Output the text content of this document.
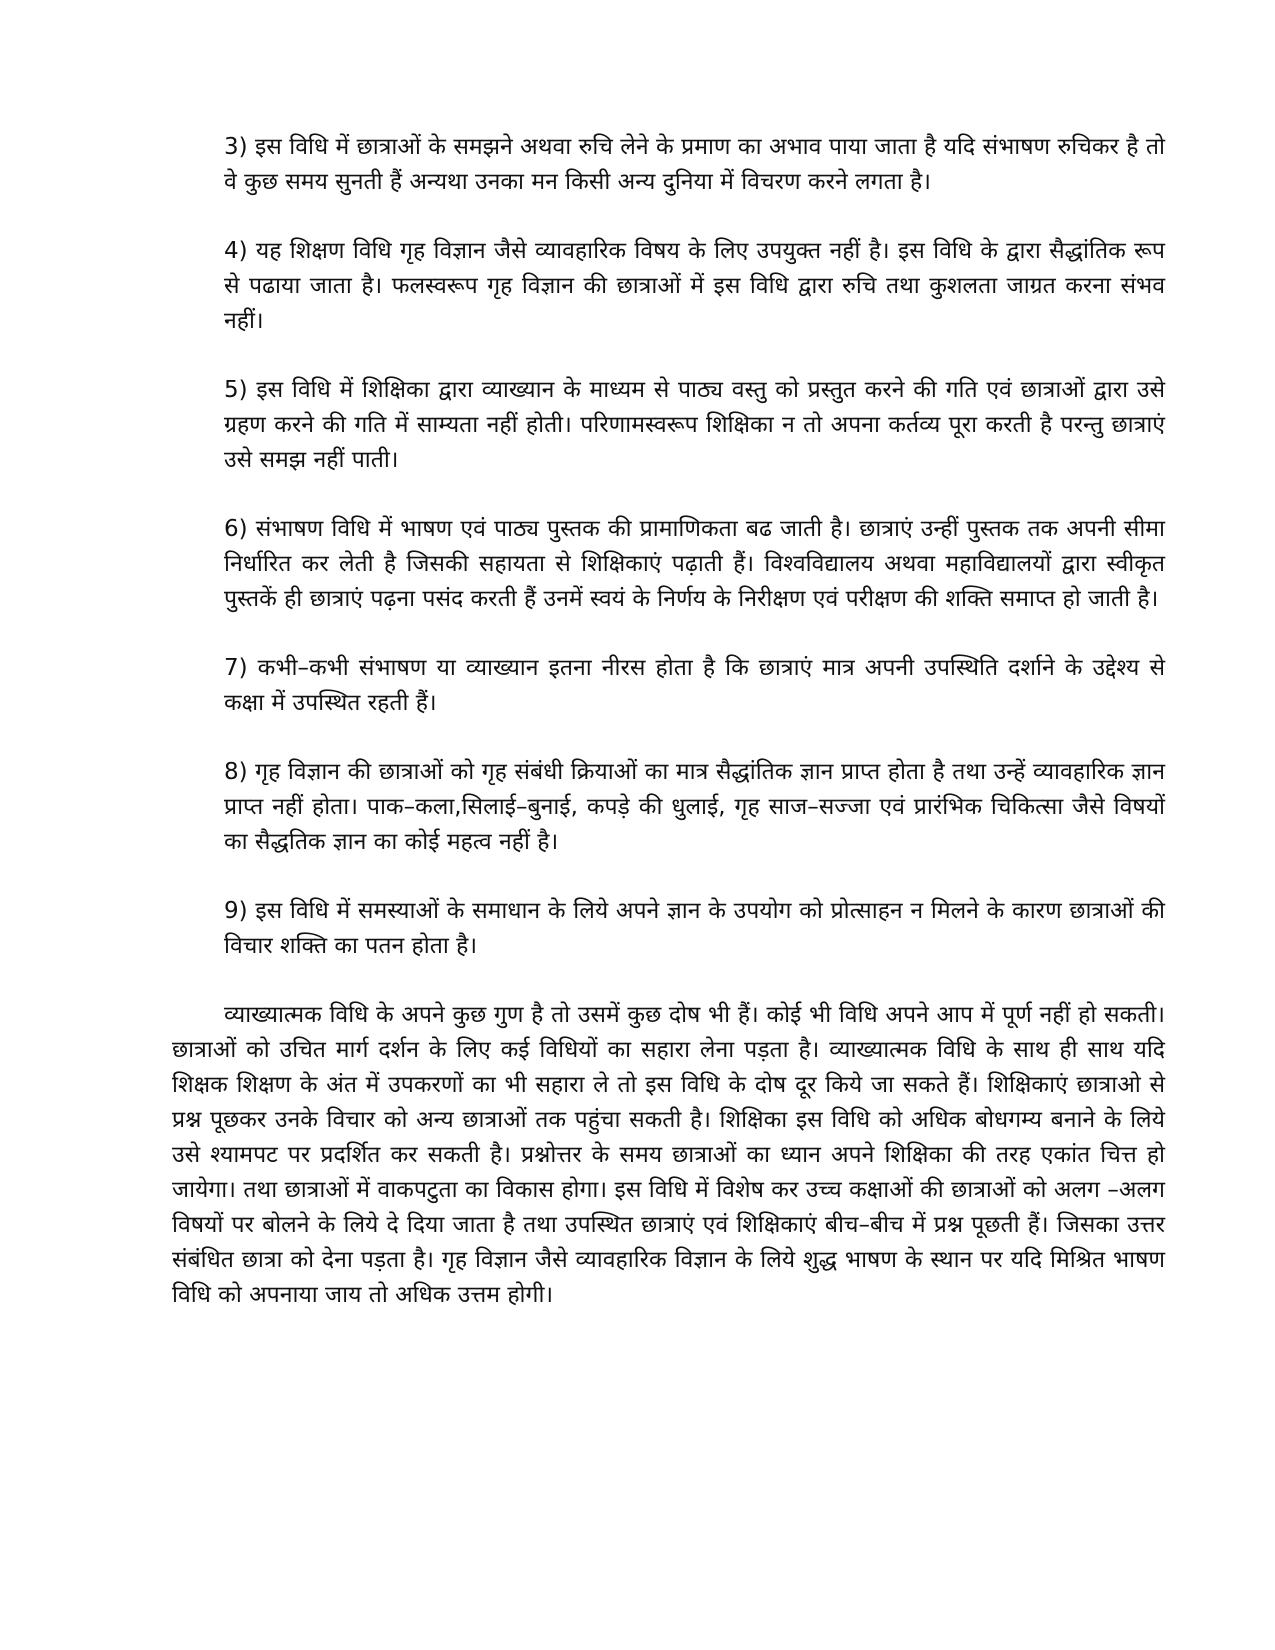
3) इस विधि में छात्राओं के समझने अथवा रुचि लेने के प्रमाण का अभाव पाया जाता है यदि संभाषण रुचिकर है तो वे कुछ समय सुनती हैं अन्यथा उनका मन किसी अन्य दुनिया में विचरण करने लगता है।

4) यह शिक्षण विधि गृह विज्ञान जैसे व्यावहारिक विषय के लिए उपयुक्त नहीं है। इस विधि के द्वारा सैद्धांतिक रूप से पढाया जाता है। फलस्वरूप गृह विज्ञान की छात्राओं में इस विधि द्वारा रुचि तथा कुशलता जाग्रत करना संभव नहीं।

5) इस विधि में शिक्षिका द्वारा व्याख्यान के माध्यम से पाठ्य वस्तु को प्रस्तुत करने की गति एवं छात्राओं द्वारा उसे ग्रहण करने की गति में साम्यता नहीं होती। परिणामस्वरूप शिक्षिका न तो अपना कर्तव्य पूरा करती है परन्तु छात्राएं उसे समझ नहीं पाती।

6) संभाषण विधि में भाषण एवं पाठ्य पुस्तक की प्रामाणिकता बढ जाती है। छात्राएं उन्हीं पुस्तक तक अपनी सीमा निर्धारित कर लेती है जिसकी सहायता से शिक्षिकाएं पढ़ाती हैं। विश्वविद्यालय अथवा महाविद्यालयों द्वारा स्वीकृत पुस्तकें ही छात्राएं पढ़ना पसंद करती हैं उनमें स्वयं के निर्णय के निरीक्षण एवं परीक्षण की शक्ति समाप्त हो जाती है।

7) कभी–कभी संभाषण या व्याख्यान इतना नीरस होता है कि छात्राएं मात्र अपनी उपस्थिति दर्शाने के उद्देश्य से कक्षा में उपस्थित रहती हैं।

8) गृह विज्ञान की छात्राओं को गृह संबंधी क्रियाओं का मात्र सैद्धांतिक ज्ञान प्राप्त होता है तथा उन्हें व्यावहारिक ज्ञान प्राप्त नहीं होता। पाक–कला,सिलाई–बुनाई, कपड़े की धुलाई, गृह साज–सज्जा एवं प्रारंभिक चिकित्सा जैसे विषयों का सैद्धतिक ज्ञान का कोई महत्व नहीं है।

9) इस विधि में समस्याओं के समाधान के लिये अपने ज्ञान के उपयोग को प्रोत्साहन न मिलने के कारण छात्राओं की विचार शक्ति का पतन होता है।

व्याख्यात्मक विधि के अपने कुछ गुण है तो उसमें कुछ दोष भी हैं। कोई भी विधि अपने आप में पूर्ण नहीं हो सकती। छात्राओं को उचित मार्ग दर्शन के लिए कई विधियों का सहारा लेना पड़ता है। व्याख्यात्मक विधि के साथ ही साथ यदि शिक्षक शिक्षण के अंत में उपकरणों का भी सहारा ले तो इस विधि के दोष दूर किये जा सकते हैं। शिक्षिकाएं छात्राओ से प्रश्न पूछकर उनके विचार को अन्य छात्राओं तक पहुंचा सकती है। शिक्षिका इस विधि को अधिक बोधगम्य बनाने के लिये उसे श्यामपट पर प्रदर्शित कर सकती है। प्रश्नोत्तर के समय छात्राओं का ध्यान अपने शिक्षिका की तरह एकांत चित्त हो जायेगा। तथा छात्राओं में वाकपटुता का विकास होगा। इस विधि में विशेष कर उच्च कक्षाओं की छात्राओं को अलग –अलग विषयों पर बोलने के लिये दे दिया जाता है तथा उपस्थित छात्राएं एवं शिक्षिकाएं बीच–बीच में प्रश्न पूछती हैं। जिसका उत्तर संबंधित छात्रा को देना पड़ता है। गृह विज्ञान जैसे व्यावहारिक विज्ञान के लिये शुद्ध भाषण के स्थान पर यदि मिश्रित भाषण विधि को अपनाया जाय तो अधिक उत्तम होगी।
